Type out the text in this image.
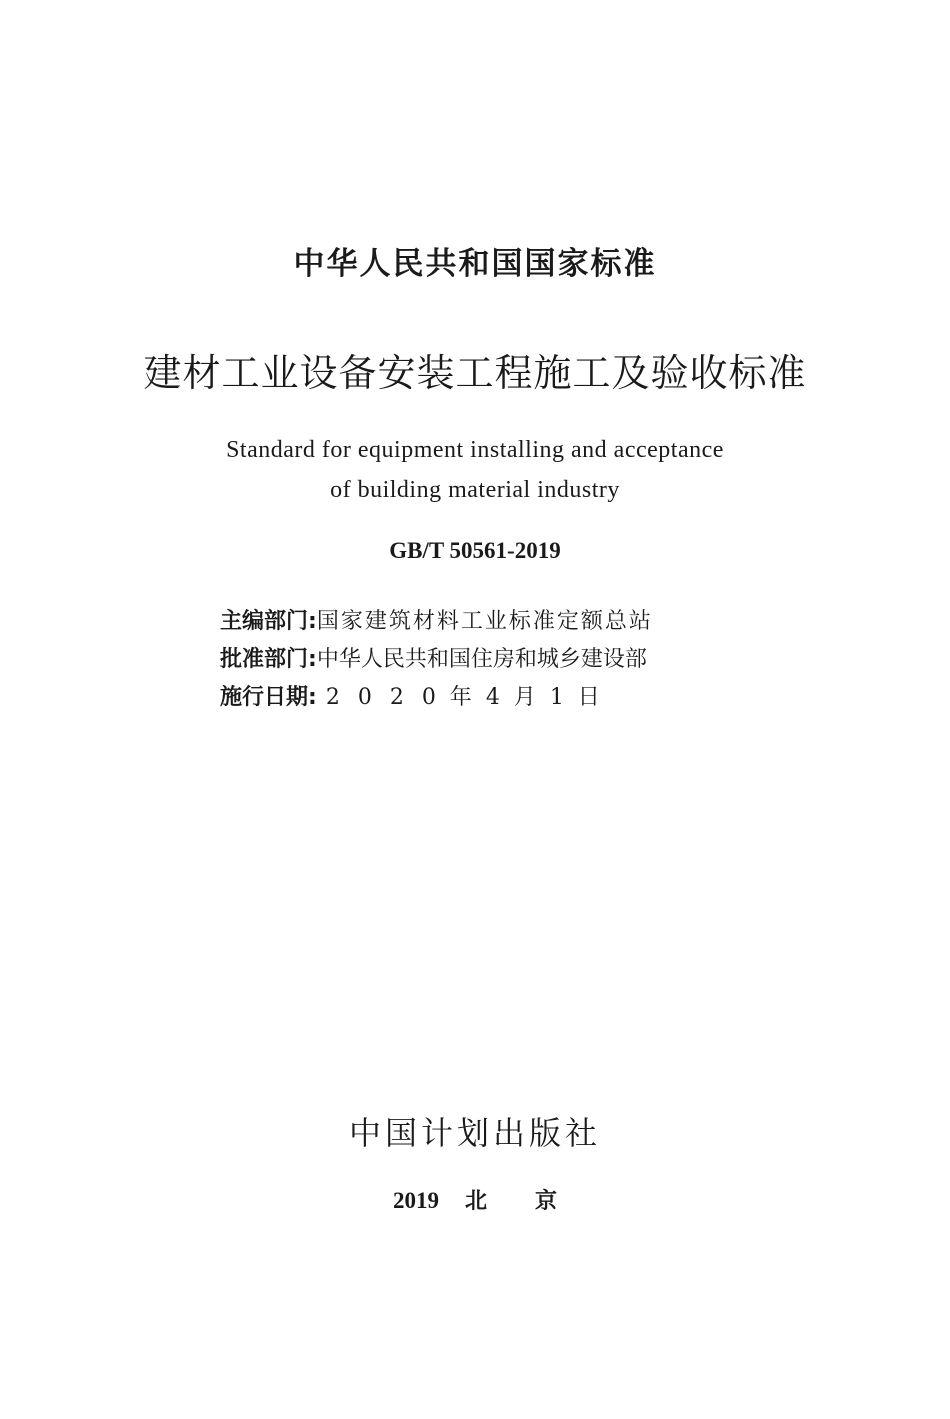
中华人民共和国国家标准
建材工业设备安装工程施工及验收标准
Standard for equipment installing and acceptance
of building material industry
GB/T 50561-2019
主编部门: 国家建筑材料工业标准定额总站
批准部门: 中华人民共和国住房和城乡建设部
施行日期: 2 0 2 0 年 4 月 1 日
中国计划出版社
2019 北 京
